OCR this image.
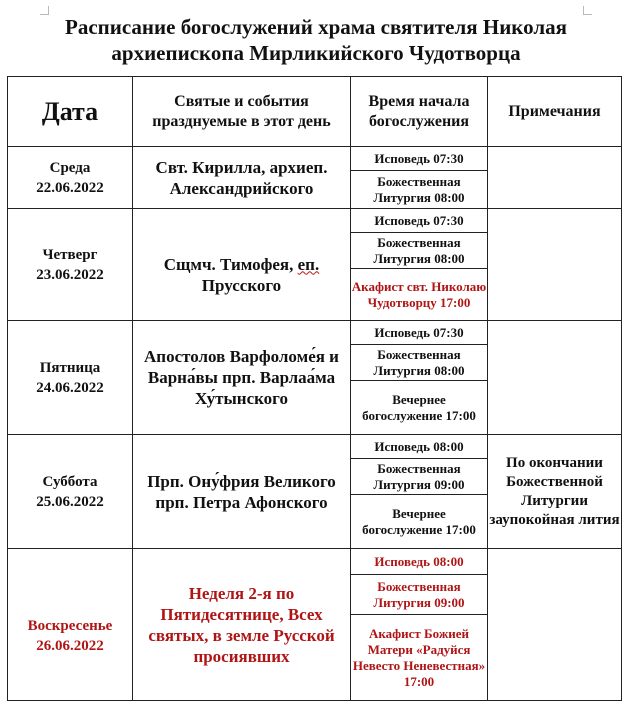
Расписание богослужений храма святителя Николая
архиепископа Мирликийского Чудотворца
Дата	Святые и события празднуемые в этот день	Время начала богослужения	Примечания

Среда
22.06.2022	Свт. Кирилла, архиеп. Александрийского	Исповедь 07:30	
		Божественная Литургия 08:00	

Четверг
23.06.2022	Сщмч. Тимофея, еп. Прусского	Исповедь 07:30	
		Божественная Литургия 08:00	
		Акафист свт. Николаю Чудотворцу 17:00	

Пятница
24.06.2022	Апостолов Варфоломе́я и Варна́вы прп. Варлаа́ма Ху́тынского	Исповедь 07:30	
		Божественная Литургия 08:00	
		Вечернее богослужение 17:00	

Суббота
25.06.2022	Прп. Ону́фрия Великого прп. Петра Афонского	Исповедь 08:00	По окончании Божественной Литургии заупокойная лития
		Божественная Литургия 09:00	
		Вечернее богослужение 17:00	

Воскресенье
26.06.2022	Неделя 2-я по Пятидесятнице, Всех святых, в земле Русской просиявших	Исповедь 08:00	
		Божественная Литургия 09:00	
		Акафист Божией Матери «Радуйся Невесто Неневестная» 17:00	
